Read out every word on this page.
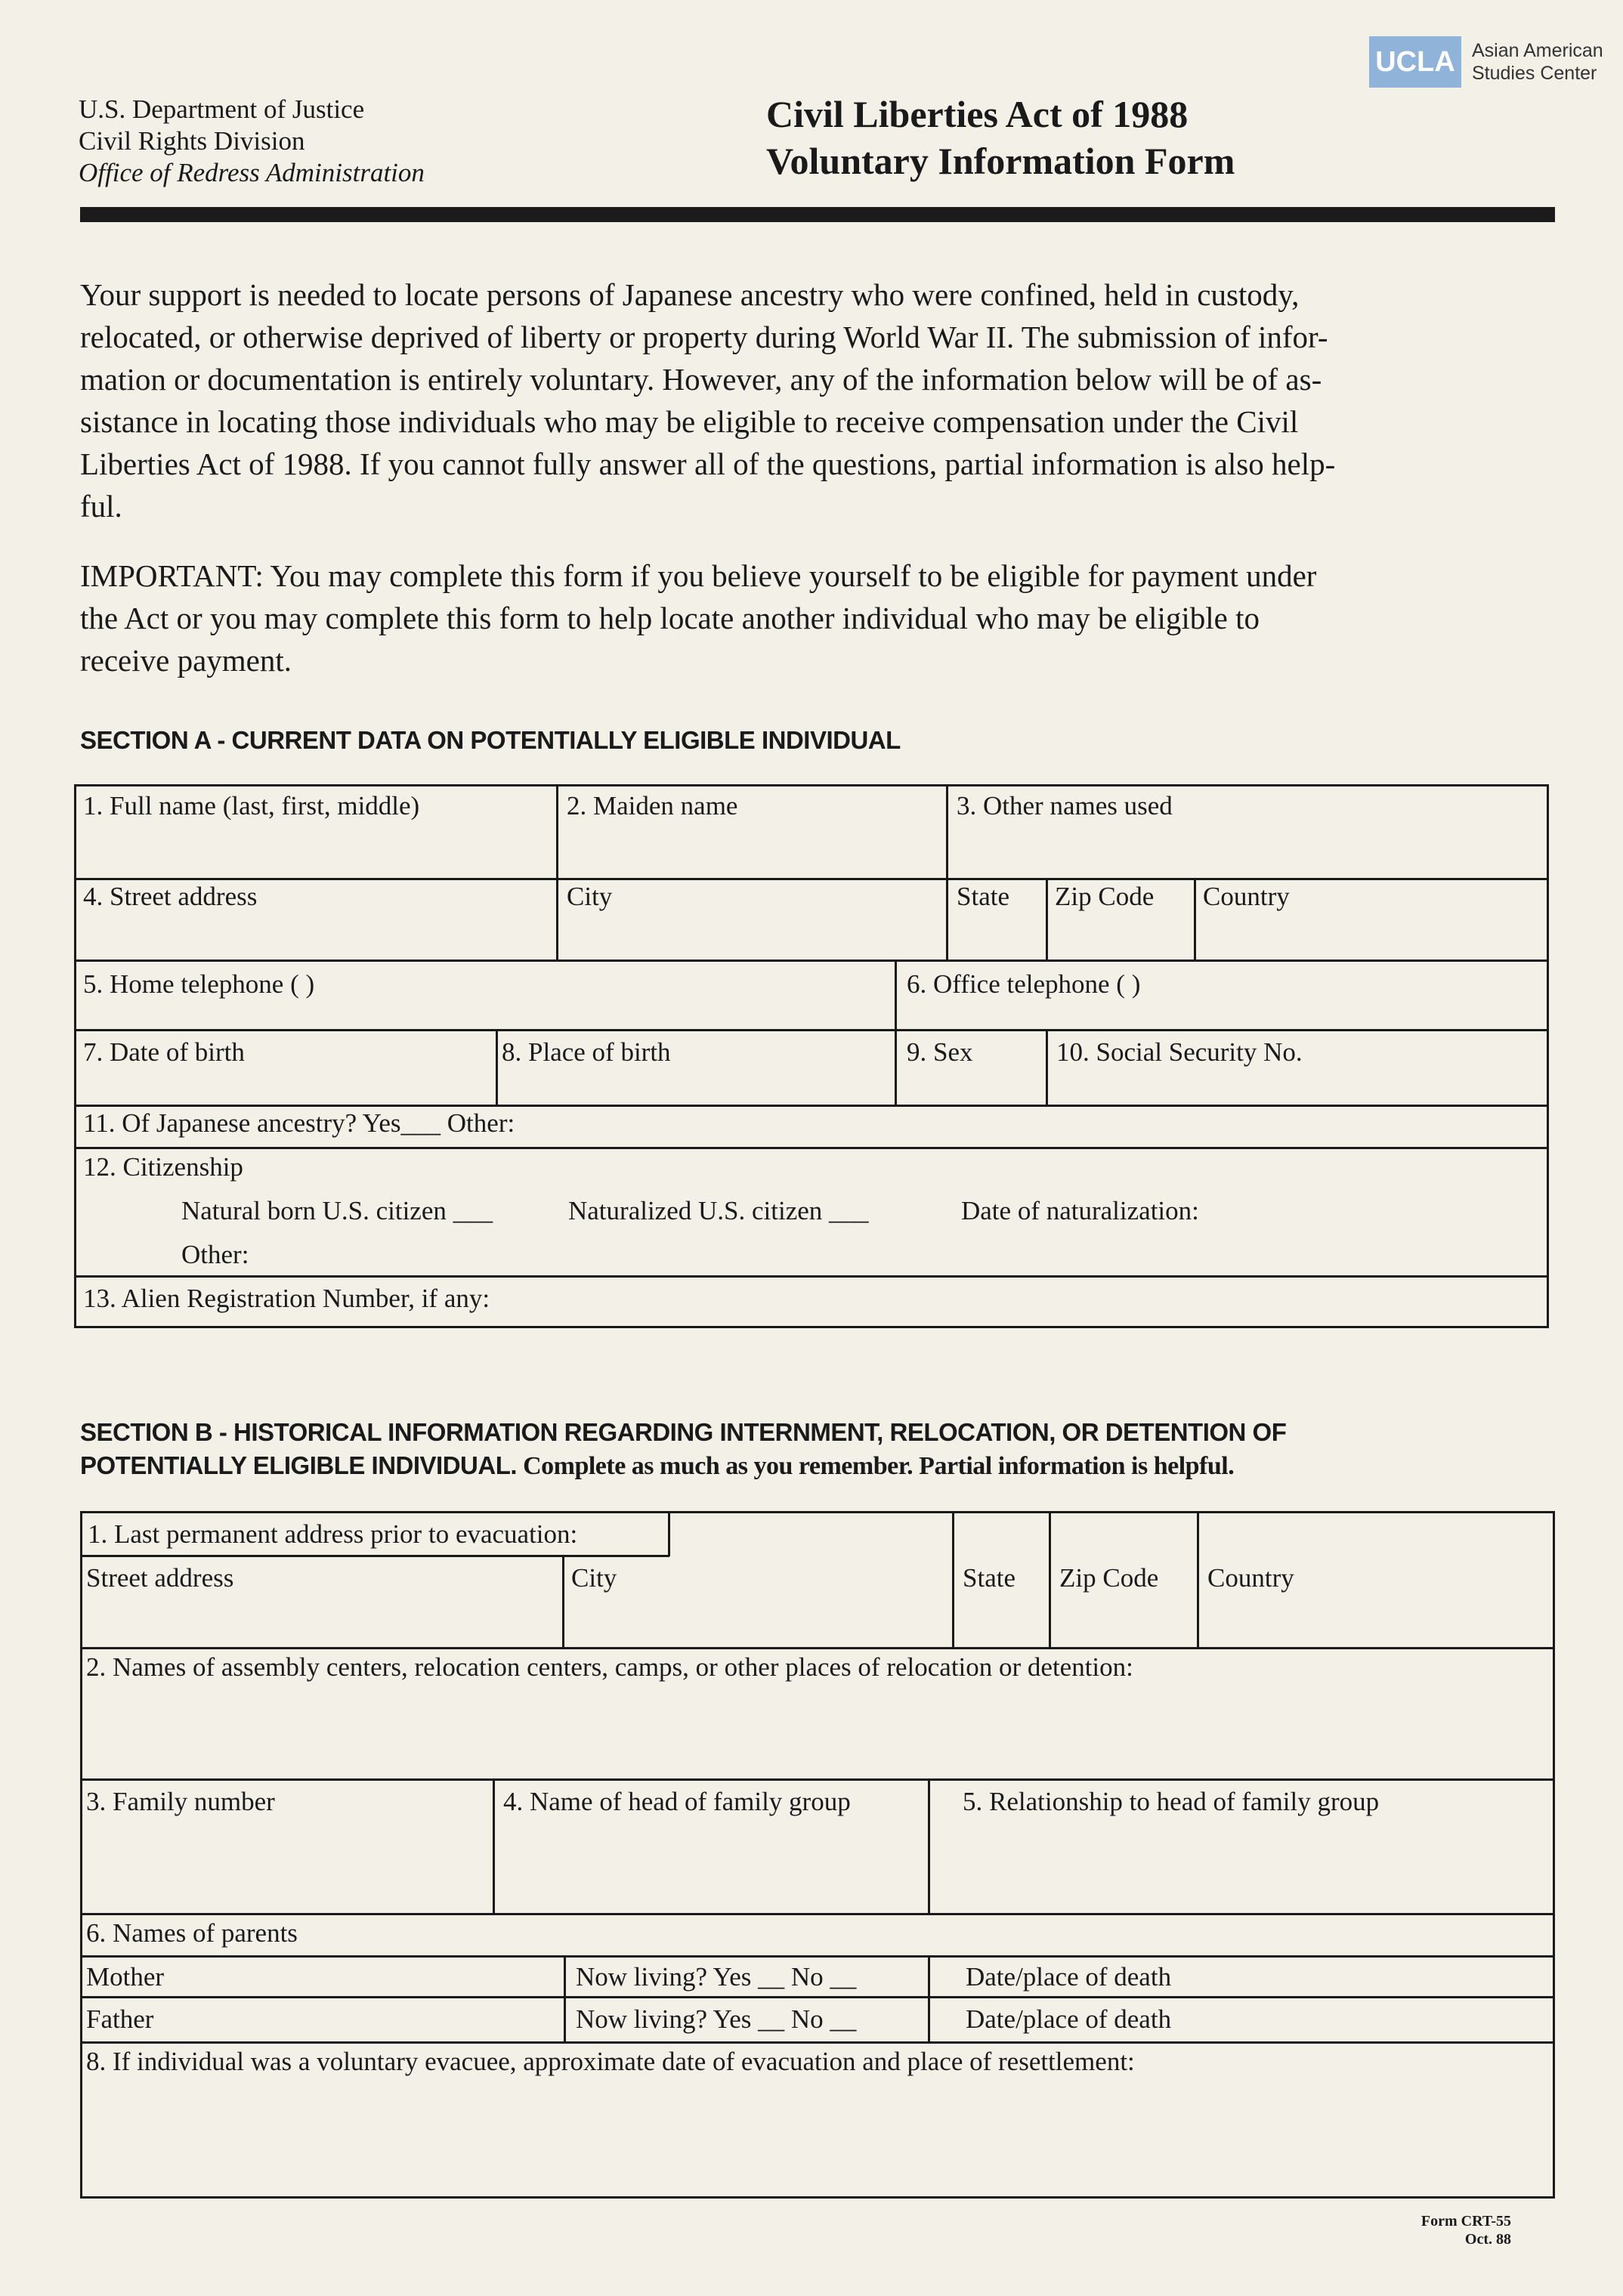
U.S. Department of Justice
Civil Rights Division
Office of Redress Administration
Civil Liberties Act of 1988
Voluntary Information Form
UCLA Asian American
Studies Center
Your support is needed to locate persons of Japanese ancestry who were confined, held in custody,
relocated, or otherwise deprived of liberty or property during World War II. The submission of infor-
mation or documentation is entirely voluntary. However, any of the information below will be of as-
sistance in locating those individuals who may be eligible to receive compensation under the Civil
Liberties Act of 1988. If you cannot fully answer all of the questions, partial information is also help-
ful.
IMPORTANT: You may complete this form if you believe yourself to be eligible for payment under
the Act or you may complete this form to help locate another individual who may be eligible to
receive payment.
SECTION A - CURRENT DATA ON POTENTIALLY ELIGIBLE INDIVIDUAL
1. Full name (last, first, middle)	2. Maiden name	3. Other names used
4. Street address	City	State Zip Code Country
5. Home telephone ( )	6. Office telephone ( )
7. Date of birth	8. Place of birth	9. Sex	10. Social Security No.
11. Of Japanese ancestry? Yes___ Other:
12. Citizenship
Natural born U.S. citizen ___	Naturalized U.S. citizen ___	Date of naturalization:
Other:
13. Alien Registration Number, if any:
SECTION B - HISTORICAL INFORMATION REGARDING INTERNMENT, RELOCATION, OR DETENTION OF
POTENTIALLY ELIGIBLE INDIVIDUAL. Complete as much as you remember. Partial information is helpful.
1. Last permanent address prior to evacuation:
Street address	City	State Zip Code Country
2. Names of assembly centers, relocation centers, camps, or other places of relocation or detention:
3. Family number	4. Name of head of family group	5. Relationship to head of family group
6. Names of parents
Mother	Now living? Yes __ No __	Date/place of death
Father	Now living? Yes __ No __	Date/place of death
8. If individual was a voluntary evacuee, approximate date of evacuation and place of resettlement:
Form CRT-55
Oct. 88
